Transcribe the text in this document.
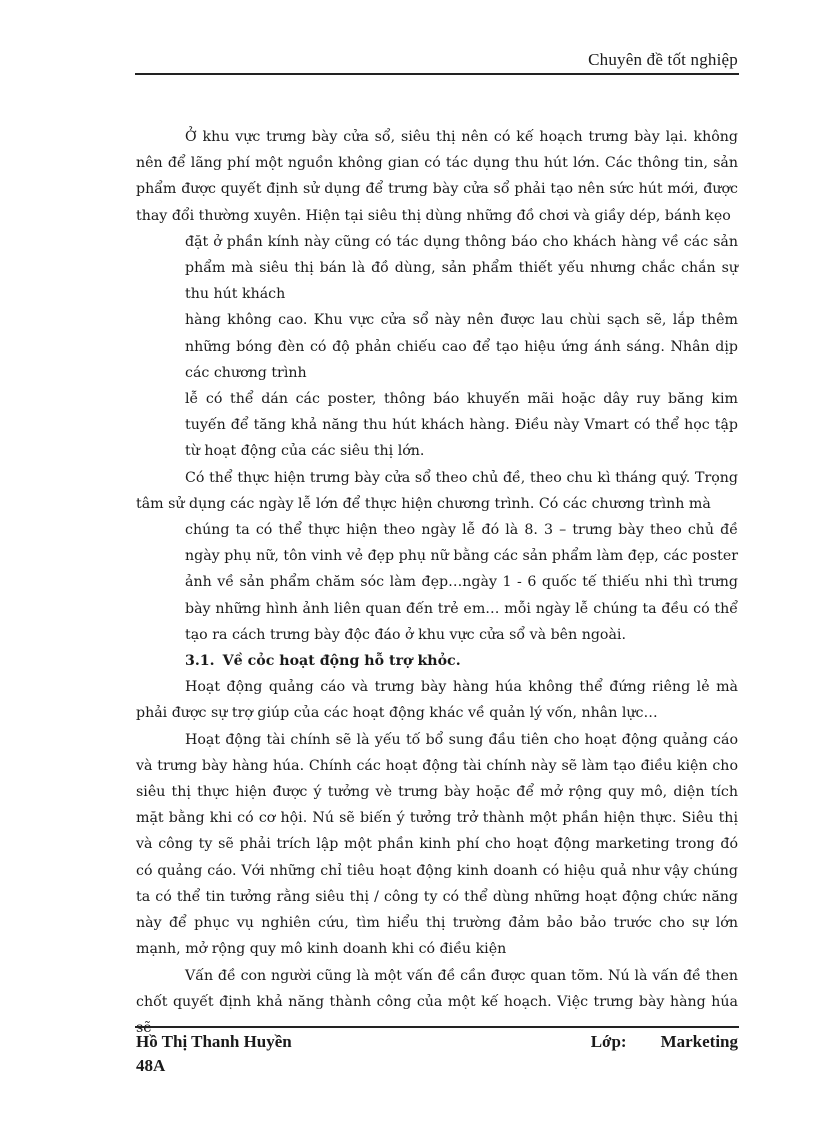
Chuyên đề tốt nghiệp

Ở khu vực trưng bày cửa sổ, siêu thị nên có kế hoạch trưng bày lại. không nên để lãng phí một nguồn không gian có tác dụng thu hút lớn. Các thông tin, sản phẩm được quyết định sử dụng để trưng bày cửa sổ phải tạo nên sức hút mới, được thay đổi thường xuyên. Hiện tại siêu thị dùng những đồ chơi và giầy dép, bánh kẹo

đặt ở phần kính này cũng có tác dụng thông báo cho khách hàng về các sản phẩm mà siêu thị bán là đồ dùng, sản phẩm thiết yếu nhưng chắc chắn sự thu hút khách

hàng không cao. Khu vực cửa sổ này nên được lau chùi sạch sẽ, lắp thêm những bóng đèn có độ phản chiếu cao để tạo hiệu ứng ánh sáng. Nhân dịp các chương trình

lễ có thể dán các poster, thông báo khuyến mãi hoặc dây ruy băng kim tuyến để tăng khả năng thu hút khách hàng. Điều này Vmart có thể học tập từ hoạt động của các siêu thị lớn.

Có thể thực hiện trưng bày cửa sổ theo chủ đề, theo chu kì tháng quý. Trọng tâm sử dụng các ngày lễ lớn để thực hiện chương trình. Có các chương trình mà

chúng ta có thể thực hiện theo ngày lễ đó là 8. 3 – trưng bày theo chủ đề ngày phụ nữ, tôn vinh vẻ đẹp phụ nữ bằng các sản phẩm làm đẹp, các poster ảnh về sản phẩm chăm sóc làm đẹp…ngày 1 - 6 quốc tế thiếu nhi thì trưng bày những hình ảnh liên quan đến trẻ em… mỗi ngày lễ chúng ta đều có thể tạo ra cách trưng bày độc đáo ở khu vực cửa sổ và bên ngoài.

3.1. Về cỏc hoạt động hỗ trợ khỏc.

Hoạt động quảng cáo và trưng bày hàng húa không thể đứng riêng lẻ mà phải được sự trợ giúp của các hoạt động khác về quản lý vốn, nhân lực…

Hoạt động tài chính sẽ là yếu tố bổ sung đầu tiên cho hoạt động quảng cáo và trưng bày hàng húa. Chính các hoạt động tài chính này sẽ làm tạo điều kiện cho siêu thị thực hiện được ý tưởng vè trưng bày hoặc để mở rộng quy mô, diện tích mặt bằng khi có cơ hội. Nú sẽ biến ý tưởng trở thành một phần hiện thực. Siêu thị và công ty sẽ phải trích lập một phần kinh phí cho hoạt động marketing trong đó có quảng cáo. Với những chỉ tiêu hoạt động kinh doanh có hiệu quả như vậy chúng ta có thể tin tưởng rằng siêu thị / công ty có thể dùng những hoạt động chức năng này để phục vụ nghiên cứu, tìm hiểu thị trường đảm bảo bảo trước cho sự lớn mạnh, mở rộng quy mô kinh doanh khi có điều kiện

Vấn đề con người cũng là một vấn đề cần được quan tõm. Nú là vấn đề then chốt quyết định khả năng thành công của một kế hoạch. Việc trưng bày hàng húa sẽ

Hồ Thị Thanh Huyền	Lớp: Marketing
48A
